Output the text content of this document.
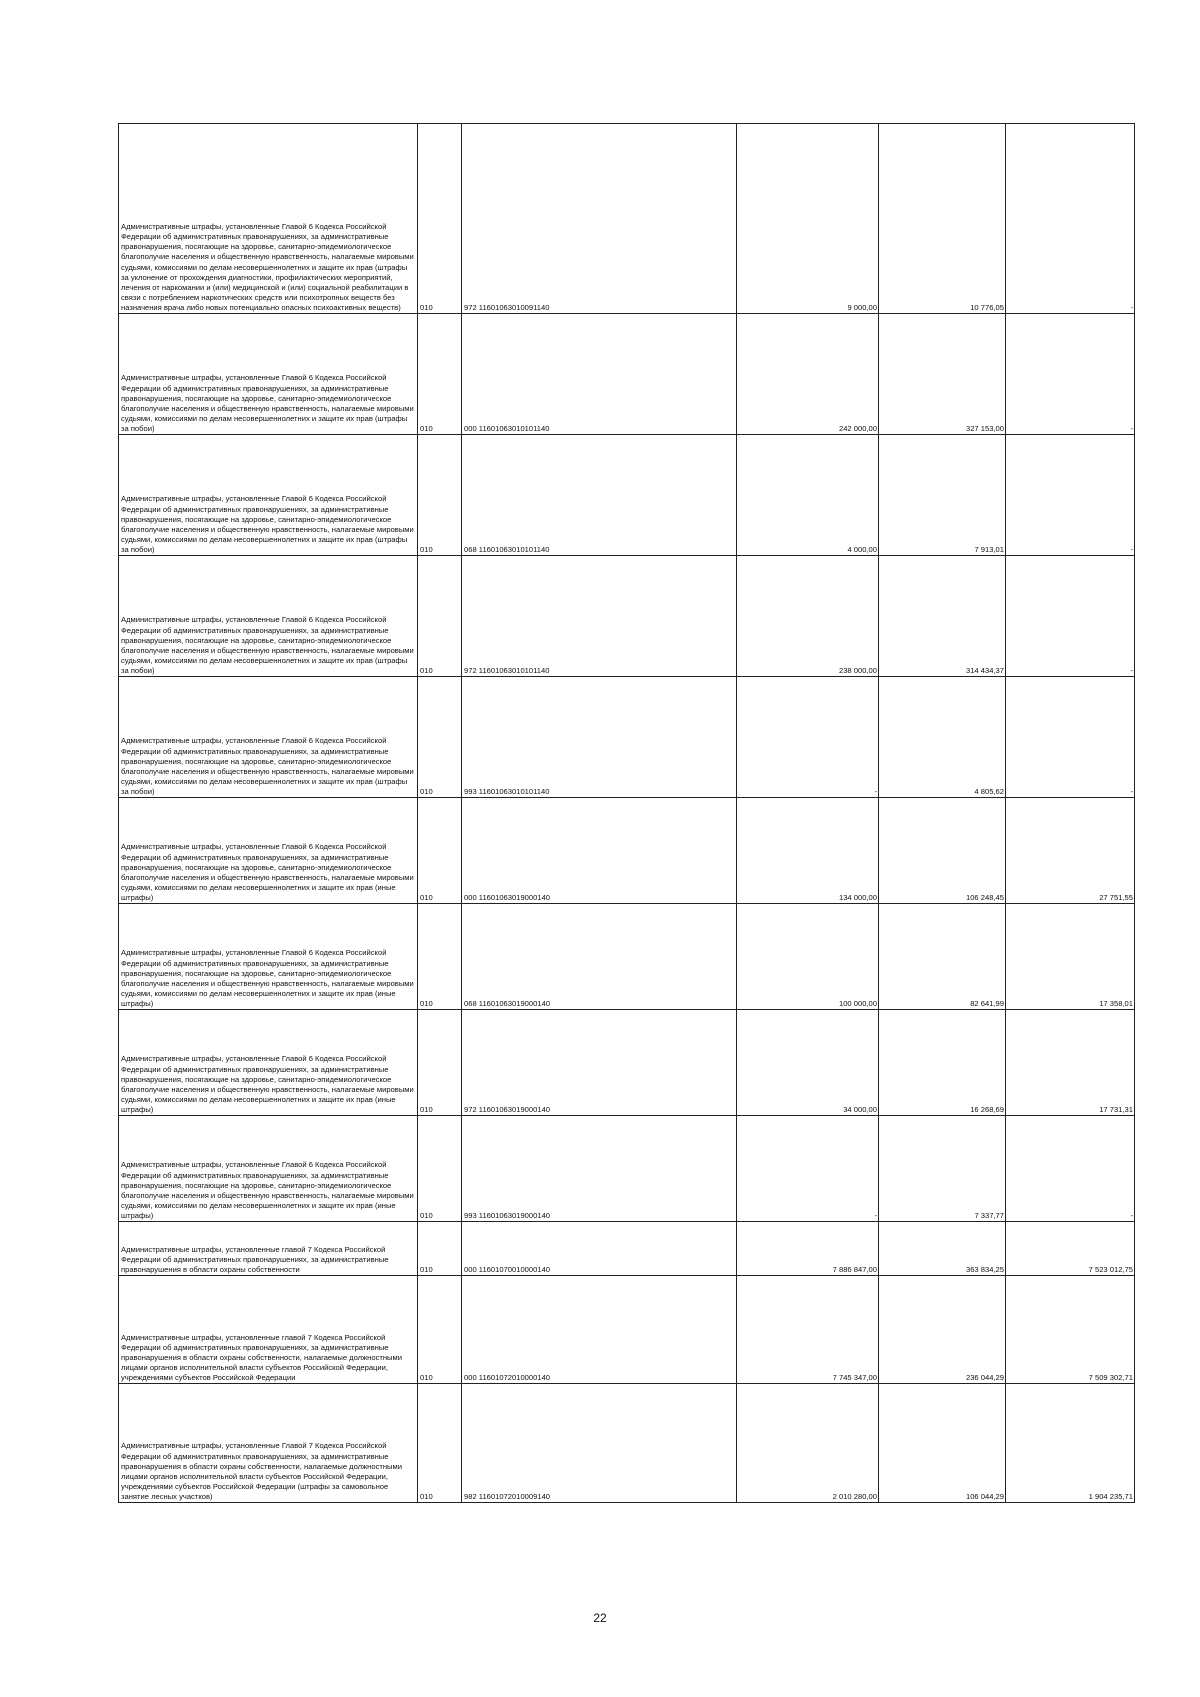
Административные штрафы, установленные Главой 6 Кодекса Российской Федерации об административных правонарушениях, за административные правонарушения, посягающие на здоровье, санитарно-эпидемиологическое благополучие населения и общественную нравственность, налагаемые мировыми судьями, комиссиями по делам несовершеннолетних и защите их прав (штрафы за уклонение от прохождения диагностики, профилактических мероприятий, лечения от наркомании и (или) медицинской и (или) социальной реабилитации в связи с потреблением наркотических средств или психотропных веществ без назначения врача либо новых потенциально опасных психоактивных веществ)	010	972 11601063010091140	9 000,00	10 776,05	-

Административные штрафы, установленные Главой 6 Кодекса Российской Федерации об административных правонарушениях, за административные правонарушения, посягающие на здоровье, санитарно-эпидемиологическое благополучие населения и общественную нравственность, налагаемые мировыми судьями, комиссиями по делам несовершеннолетних и защите их прав (штрафы за побои)	010	000 11601063010101140	242 000,00	327 153,00	-

Административные штрафы, установленные Главой 6 Кодекса Российской Федерации об административных правонарушениях, за административные правонарушения, посягающие на здоровье, санитарно-эпидемиологическое благополучие населения и общественную нравственность, налагаемые мировыми судьями, комиссиями по делам несовершеннолетних и защите их прав (штрафы за побои)	010	068 11601063010101140	4 000,00	7 913,01	-

Административные штрафы, установленные Главой 6 Кодекса Российской Федерации об административных правонарушениях, за административные правонарушения, посягающие на здоровье, санитарно-эпидемиологическое благополучие населения и общественную нравственность, налагаемые мировыми судьями, комиссиями по делам несовершеннолетних и защите их прав (штрафы за побои)	010	972 11601063010101140	238 000,00	314 434,37	-

Административные штрафы, установленные Главой 6 Кодекса Российской Федерации об административных правонарушениях, за административные правонарушения, посягающие на здоровье, санитарно-эпидемиологическое благополучие населения и общественную нравственность, налагаемые мировыми судьями, комиссиями по делам несовершеннолетних и защите их прав (штрафы за побои)	010	993 11601063010101140	-	4 805,62	-

Административные штрафы, установленные Главой 6 Кодекса Российской Федерации об административных правонарушениях, за административные правонарушения, посягающие на здоровье, санитарно-эпидемиологическое благополучие населения и общественную нравственность, налагаемые мировыми судьями, комиссиями по делам несовершеннолетних и защите их прав (иные штрафы)	010	000 11601063019000140	134 000,00	106 248,45	27 751,55

Административные штрафы, установленные Главой 6 Кодекса Российской Федерации об административных правонарушениях, за административные правонарушения, посягающие на здоровье, санитарно-эпидемиологическое благополучие населения и общественную нравственность, налагаемые мировыми судьями, комиссиями по делам несовершеннолетних и защите их прав (иные штрафы)	010	068 11601063019000140	100 000,00	82 641,99	17 358,01

Административные штрафы, установленные Главой 6 Кодекса Российской Федерации об административных правонарушениях, за административные правонарушения, посягающие на здоровье, санитарно-эпидемиологическое благополучие населения и общественную нравственность, налагаемые мировыми судьями, комиссиями по делам несовершеннолетних и защите их прав (иные штрафы)	010	972 11601063019000140	34 000,00	16 268,69	17 731,31

Административные штрафы, установленные Главой 6 Кодекса Российской Федерации об административных правонарушениях, за административные правонарушения, посягающие на здоровье, санитарно-эпидемиологическое благополучие населения и общественную нравственность, налагаемые мировыми судьями, комиссиями по делам несовершеннолетних и защите их прав (иные штрафы)	010	993 11601063019000140	-	7 337,77	-

Административные штрафы, установленные главой 7 Кодекса Российской Федерации об административных правонарушениях, за административные правонарушения в области охраны собственности	010	000 11601070010000140	7 886 847,00	363 834,25	7 523 012,75

Административные штрафы, установленные главой 7 Кодекса Российской Федерации об административных правонарушениях, за административные правонарушения в области охраны собственности, налагаемые должностными лицами органов исполнительной власти субъектов Российской Федерации, учреждениями субъектов Российской Федерации	010	000 11601072010000140	7 745 347,00	236 044,29	7 509 302,71

Административные штрафы, установленные Главой 7 Кодекса Российской Федерации об административных правонарушениях, за административные правонарушения в области охраны собственности, налагаемые должностными лицами органов исполнительной власти субъектов Российской Федерации, учреждениями субъектов Российской Федерации (штрафы за самовольное занятие лесных участков)	010	982 11601072010009140	2 010 280,00	106 044,29	1 904 235,71
22
